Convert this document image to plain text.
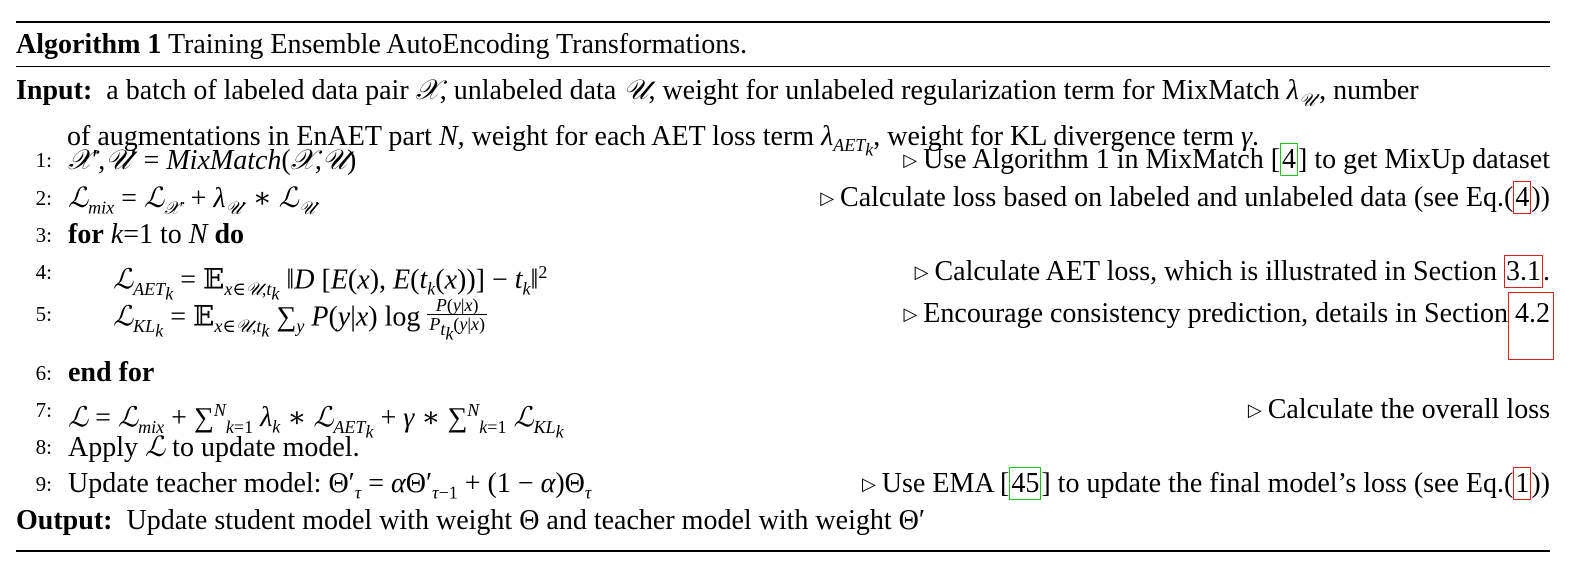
Algorithm 1 Training Ensemble AutoEncoding Transformations.
Input: a batch of labeled data pair 𝒳, unlabeled data 𝒰, weight for unlabeled regularization term for MixMatch $\lambda_{𝒰'}$, number
of augmentations in EnAET part N, weight for each AET loss term $\lambda_{AET_k}$, weight for KL divergence term γ.
1: 𝒳′,𝒰′ = MixMatch(𝒳,𝒰)	▷ Use Algorithm 1 in MixMatch [4] to get MixUp dataset
2: ℒ$_{mix}$ = ℒ$_{𝒳'}$ + $\lambda_{𝒰'}$ ∗ ℒ$_{𝒰'}$	▷ Calculate loss based on labeled and unlabeled data (see Eq.(4))
3: for k=1 to N do
4: ℒ$_{AET_k}$ = 𝔼$_{x\in 𝒰,t_k}$ ‖D [E(x), $E(t_k(x))$] − $t_k‖^2$	▷ Calculate AET loss, which is illustrated in Section 3.1.
5: ℒ$_{KL_k}$ = 𝔼$_{x\in 𝒰,t_k}$ $\sum_y$ P(y|x) $\log \frac{P(y|x)}{P_{t_k}(y|x)}$	▷ Encourage consistency prediction, details in Section 4.2
6: end for
7: ℒ = ℒ$_{mix}$ + ∑$^N_{k=1}$ $\lambda_k$ ∗ ℒ$_{AET_k}$ + γ ∗ ∑$^N_{k=1}$ ℒ$_{KL_k}$
▷ Calculate the overall loss
8: Apply ℒ to update model.
9: Update teacher model: $\Theta'_\tau = \alpha\Theta'_{\tau-1} + (1 - \alpha)\Theta_\tau$	▷ Use EMA [45] to update the final model’s loss (see Eq.(1))
Output: Update student model with weight Θ and teacher model with weight Θ′
